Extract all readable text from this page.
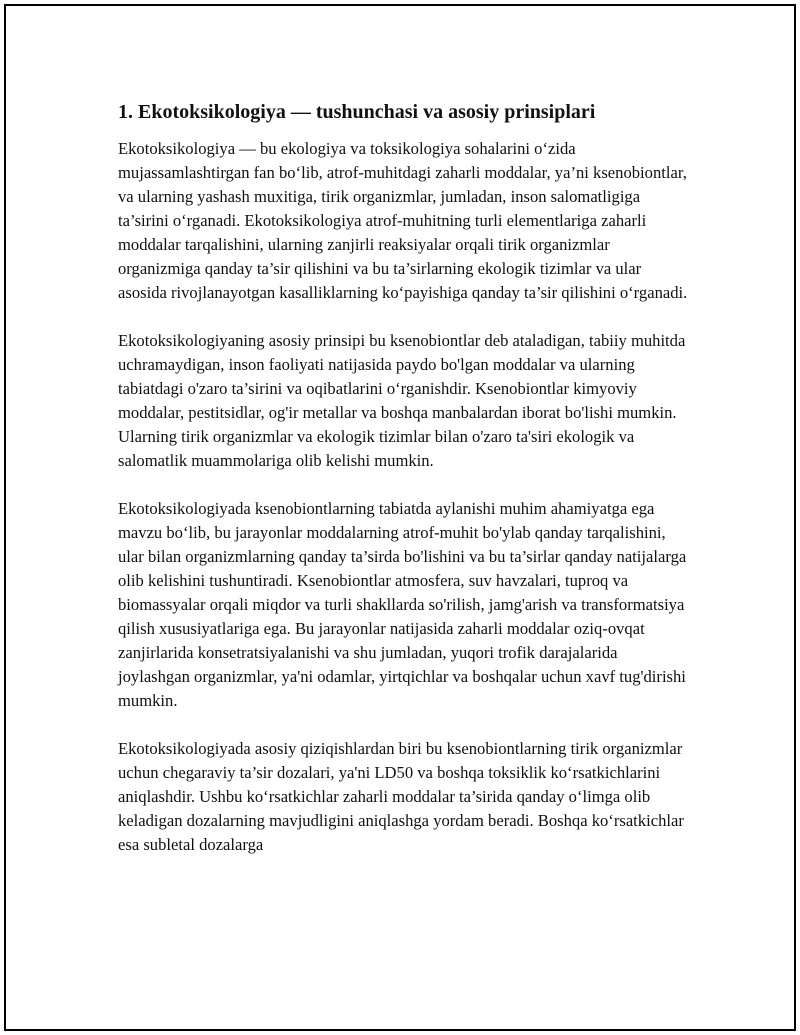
1. Ekotoksikologiya — tushunchasi va asosiy prinsiplari

Ekotoksikologiya — bu ekologiya va toksikologiya sohalarini o‘zida mujassamlashtirgan fan bo‘lib, atrof-muhitdagi zaharli moddalar, ya’ni ksenobiontlar, va ularning yashash muxitiga, tirik organizmlar, jumladan, inson salomatligiga ta’sirini o‘rganadi. Ekotoksikologiya atrof-muhitning turli elementlariga zaharli moddalar tarqalishini, ularning zanjirli reaksiyalar orqali tirik organizmlar organizmiga qanday ta’sir qilishini va bu ta’sirlarning ekologik tizimlar va ular asosida rivojlanayotgan kasalliklarning ko‘payishiga qanday ta’sir qilishini o‘rganadi.

Ekotoksikologiyaning asosiy prinsipi bu ksenobiontlar deb ataladigan, tabiiy muhitda uchramaydigan, inson faoliyati natijasida paydo bo'lgan moddalar va ularning tabiatdagi o'zaro ta’sirini va oqibatlarini o‘rganishdir. Ksenobiontlar kimyoviy moddalar, pestitsidlar, og'ir metallar va boshqa manbalardan iborat bo'lishi mumkin. Ularning tirik organizmlar va ekologik tizimlar bilan o'zaro ta'siri ekologik va salomatlik muammolariga olib kelishi mumkin.

Ekotoksikologiyada ksenobiontlarning tabiatda aylanishi muhim ahamiyatga ega mavzu bo‘lib, bu jarayonlar moddalarning atrof-muhit bo'ylab qanday tarqalishini, ular bilan organizmlarning qanday ta’sirda bo'lishini va bu ta’sirlar qanday natijalarga olib kelishini tushuntiradi. Ksenobiontlar atmosfera, suv havzalari, tuproq va biomassyalar orqali miqdor va turli shakllarda so'rilish, jamg'arish va transformatsiya qilish xususiyatlariga ega. Bu jarayonlar natijasida zaharli moddalar oziq-ovqat zanjirlarida konsetratsiyalanishi va shu jumladan, yuqori trofik darajalarida joylashgan organizmlar, ya'ni odamlar, yirtqichlar va boshqalar uchun xavf tug'dirishi mumkin.

Ekotoksikologiyada asosiy qiziqishlardan biri bu ksenobiontlarning tirik organizmlar uchun chegaraviy ta’sir dozalari, ya'ni LD50 va boshqa toksiklik ko‘rsatkichlarini aniqlashdir. Ushbu ko‘rsatkichlar zaharli moddalar ta’sirida qanday o‘limga olib keladigan dozalarning mavjudligini aniqlashga yordam beradi. Boshqa ko‘rsatkichlar esa subletal dozalarga
